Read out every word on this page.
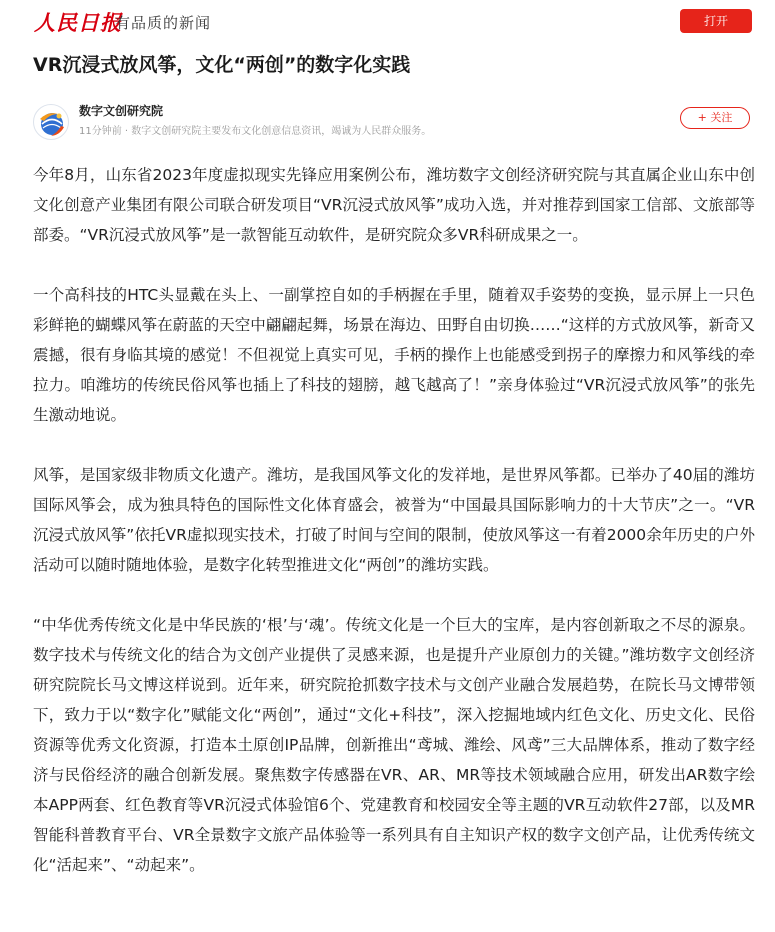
人民日报
有品质的新闻	打开
VR沉浸式放风筝，文化“两创”的数字化实践
数字文创研究院
11分钟前 · 数字文创研究院主要发布文化创意信息资讯，竭诚为人民群众服务。
+ 关注

今年8月，山东省2023年度虚拟现实先锋应用案例公布，潍坊数字文创经济研究院与其直属企业山东中创文化创意产业集团有限公司联合研发项目“VR沉浸式放风筝”成功入选，并对推荐到国家工信部、文旅部等部委。“VR沉浸式放风筝”是一款智能互动软件，是研究院众多VR科研成果之一。

一个高科技的HTC头显戴在头上、一副掌控自如的手柄握在手里，随着双手姿势的变换，显示屏上一只色彩鲜艳的蝴蝶风筝在蔚蓝的天空中翩翩起舞，场景在海边、田野自由切换……“这样的方式放风筝，新奇又震撼，很有身临其境的感觉！不但视觉上真实可见，手柄的操作上也能感受到拐子的摩擦力和风筝线的牵拉力。咱潍坊的传统民俗风筝也插上了科技的翅膀，越飞越高了！”亲身体验过“VR沉浸式放风筝”的张先生激动地说。

风筝，是国家级非物质文化遗产。潍坊，是我国风筝文化的发祥地，是世界风筝都。已举办了40届的潍坊国际风筝会，成为独具特色的国际性文化体育盛会，被誉为“中国最具国际影响力的十大节庆”之一。“VR沉浸式放风筝”依托VR虚拟现实技术，打破了时间与空间的限制，使放风筝这一有着2000余年历史的户外活动可以随时随地体验，是数字化转型推进文化“两创”的潍坊实践。

“中华优秀传统文化是中华民族的‘根’与‘魂’。传统文化是一个巨大的宝库，是内容创新取之不尽的源泉。数字技术与传统文化的结合为文创产业提供了灵感来源，也是提升产业原创力的关键。”潍坊数字文创经济研究院院长马文博这样说到。近年来，研究院抢抓数字技术与文创产业融合发展趋势，在院长马文博带领下，致力于以“数字化”赋能文化“两创”，通过“文化+科技”，深入挖掘地域内红色文化、历史文化、民俗资源等优秀文化资源，打造本土原创IP品牌，创新推出“鸢城、潍绘、风鸢”三大品牌体系，推动了数字经济与民俗经济的融合创新发展。聚焦数字传感器在VR、AR、MR等技术领域融合应用，研发出AR数字绘本APP两套、红色教育等VR沉浸式体验馆6个、党建教育和校园安全等主题的VR互动软件27部，以及MR智能科普教育平台、VR全景数字文旅产品体验等一系列具有自主知识产权的数字文创产品，让优秀传统文化“活起来”、“动起来”。
